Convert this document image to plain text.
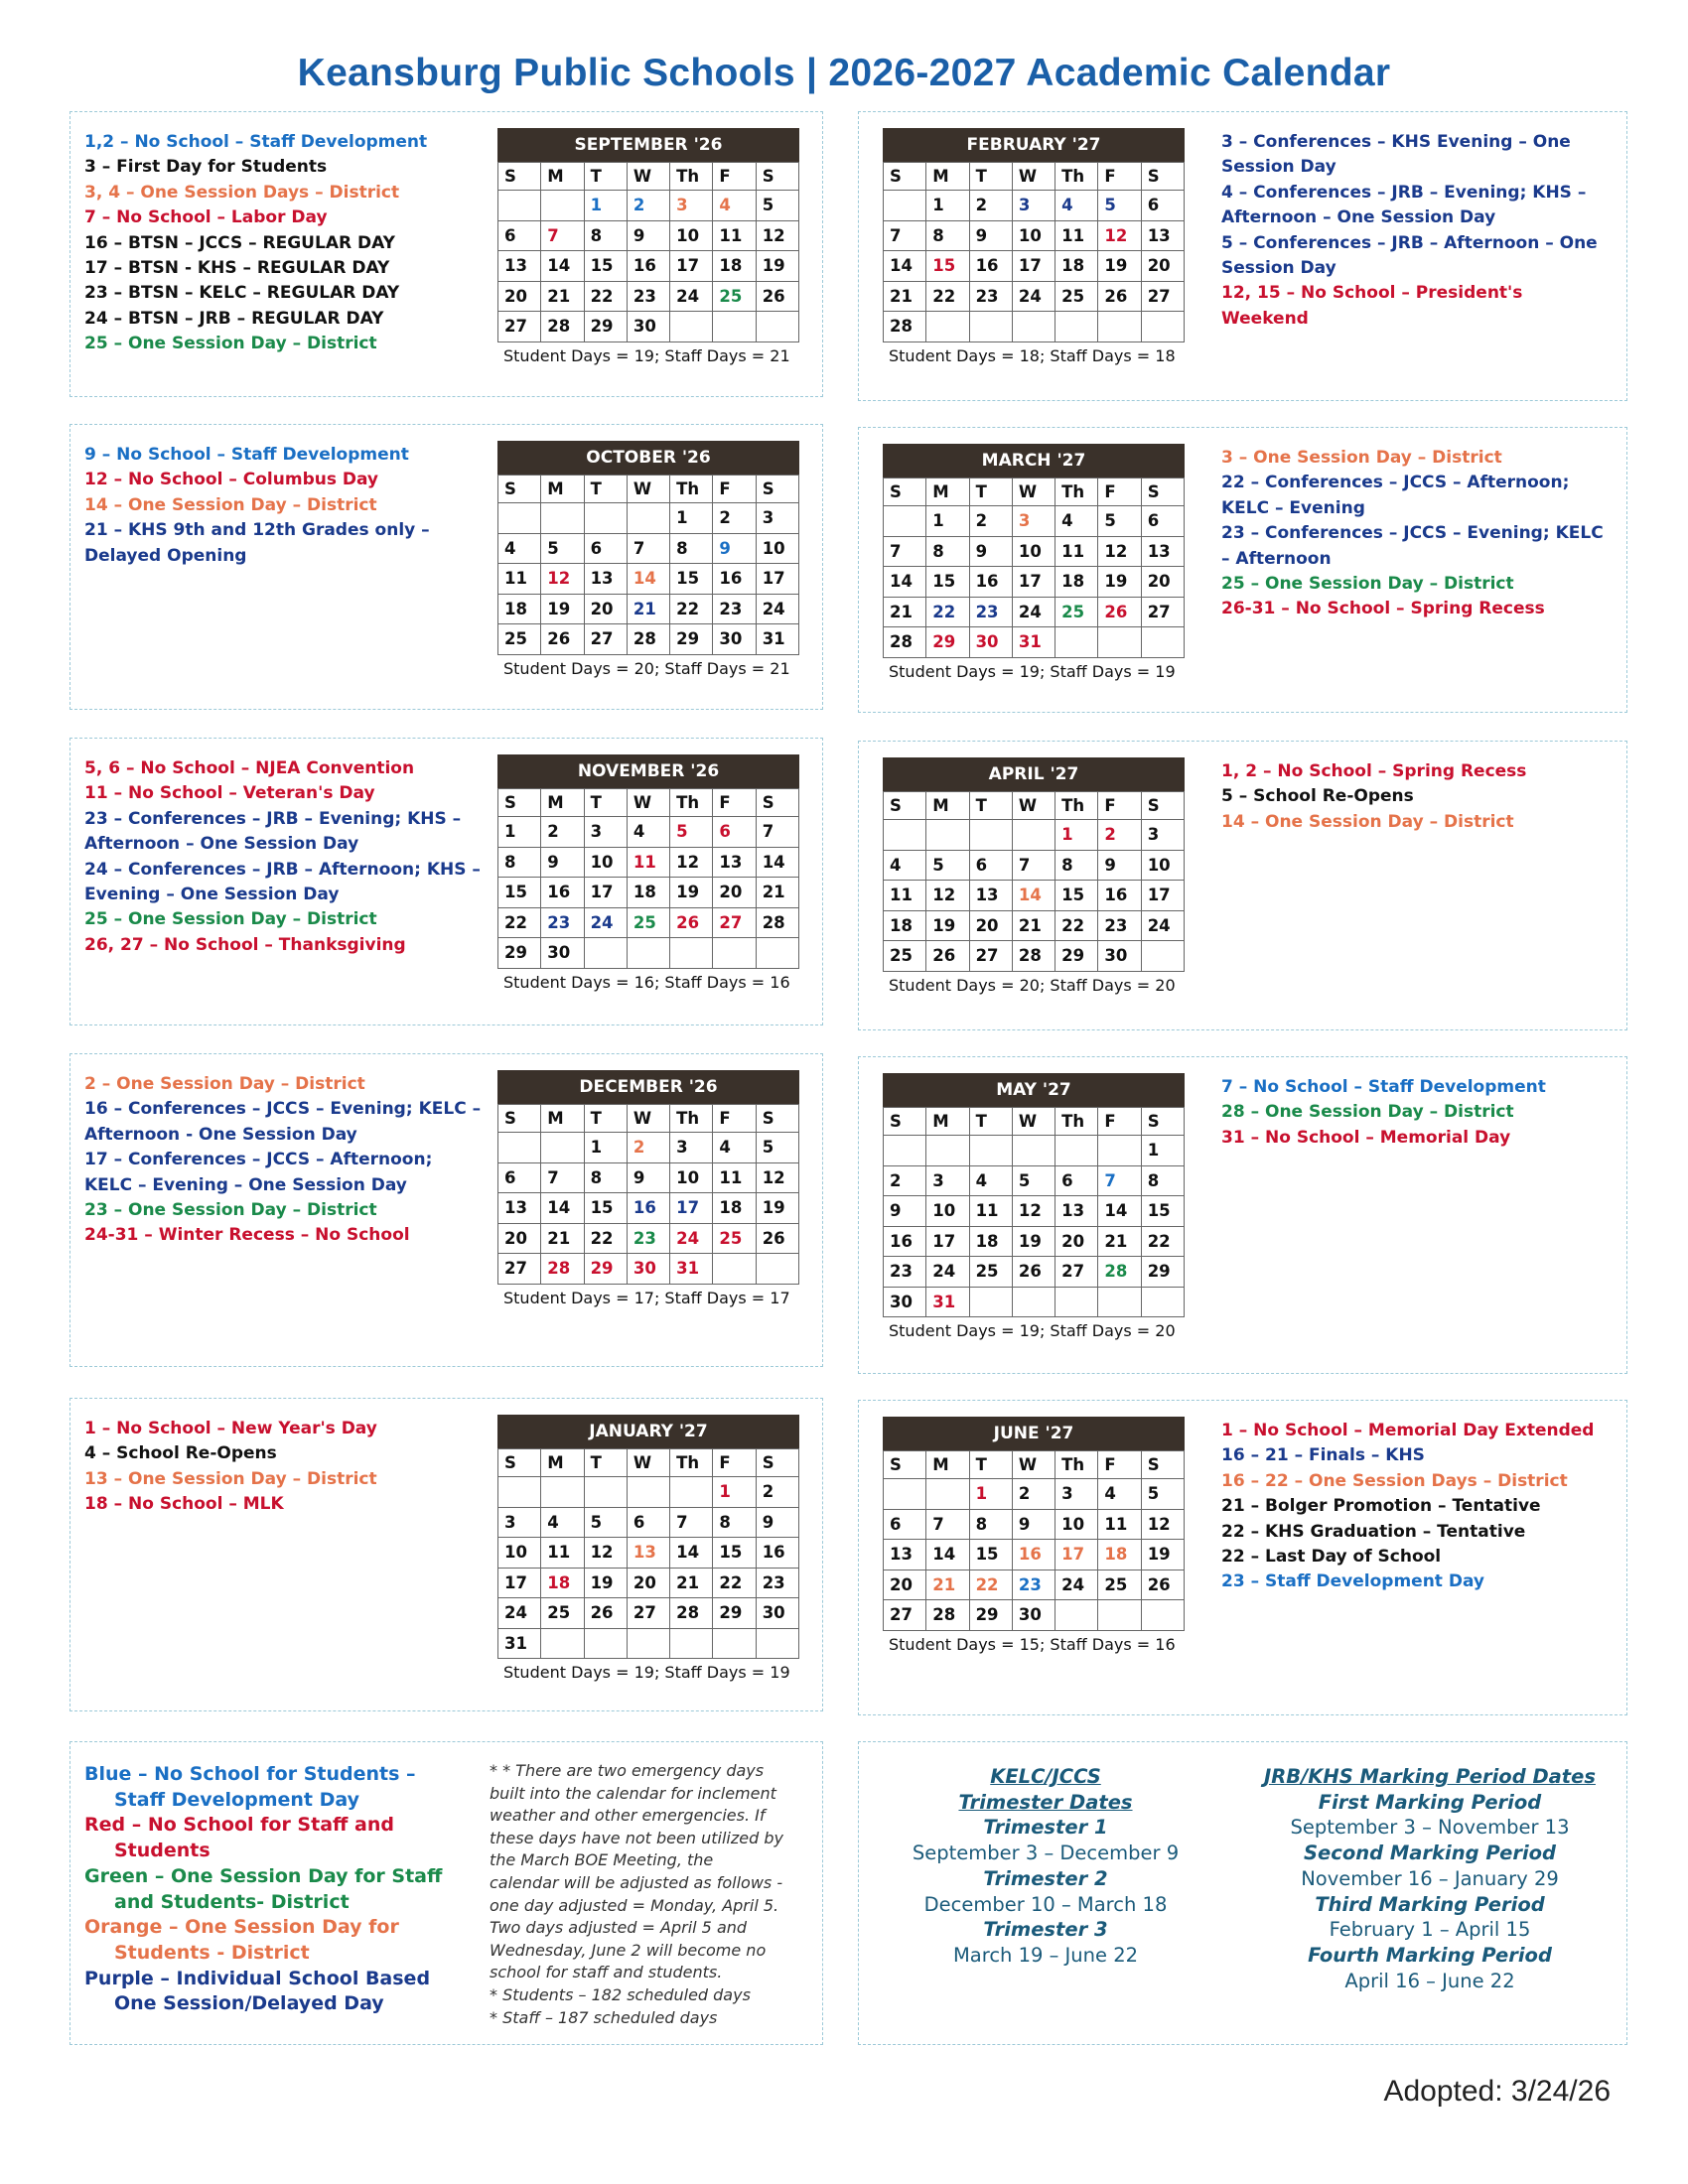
Keansburg Public Schools | 2026-2027 Academic Calendar
1,2 – No School – Staff Development
3 – First Day for Students
3, 4 – One Session Days – District
7 – No School – Labor Day
16 – BTSN – JCCS – REGULAR DAY
17 – BTSN - KHS – REGULAR DAY
23 – BTSN – KELC – REGULAR DAY
24 – BTSN – JRB – REGULAR DAY
25 – One Session Day – District
SEPTEMBER '26
S	M	T	W	Th	F	S
		1	2	3	4	5
6	7	8	9	10	11	12
13	14	15	16	17	18	19
20	21	22	23	24	25	26
27	28	29	30			
Student Days = 19; Staff Days = 21
3 – Conferences – KHS Evening – One Session Day
4 – Conferences – JRB – Evening; KHS – Afternoon – One Session Day
5 – Conferences – JRB – Afternoon – One Session Day
12, 15 – No School – President's Weekend
FEBRUARY '27
S	M	T	W	Th	F	S
	1	2	3	4	5	6
7	8	9	10	11	12	13
14	15	16	17	18	19	20
21	22	23	24	25	26	27
28						
Student Days = 18; Staff Days = 18
9 – No School – Staff Development
12 – No School – Columbus Day
14 – One Session Day – District
21 – KHS 9th and 12th Grades only – Delayed Opening
OCTOBER '26
S	M	T	W	Th	F	S
				1	2	3
4	5	6	7	8	9	10
11	12	13	14	15	16	17
18	19	20	21	22	23	24
25	26	27	28	29	30	31
Student Days = 20; Staff Days = 21
3 – One Session Day – District
22 – Conferences – JCCS – Afternoon; KELC – Evening
23 – Conferences – JCCS – Evening; KELC – Afternoon
25 – One Session Day – District
26-31 – No School – Spring Recess
MARCH '27
S	M	T	W	Th	F	S
	1	2	3	4	5	6
7	8	9	10	11	12	13
14	15	16	17	18	19	20
21	22	23	24	25	26	27
28	29	30	31			
Student Days = 19; Staff Days = 19
5, 6 – No School – NJEA Convention
11 – No School – Veteran's Day
23 – Conferences – JRB – Evening; KHS – Afternoon – One Session Day
24 – Conferences – JRB – Afternoon; KHS – Evening – One Session Day
25 – One Session Day – District
26, 27 – No School – Thanksgiving
NOVEMBER '26
S	M	T	W	Th	F	S
1	2	3	4	5	6	7
8	9	10	11	12	13	14
15	16	17	18	19	20	21
22	23	24	25	26	27	28
29	30					
Student Days = 16; Staff Days = 16
1, 2 – No School – Spring Recess
5 – School Re-Opens
14 – One Session Day – District
APRIL '27
S	M	T	W	Th	F	S
				1	2	3
4	5	6	7	8	9	10
11	12	13	14	15	16	17
18	19	20	21	22	23	24
25	26	27	28	29	30	
Student Days = 20; Staff Days = 20
2 – One Session Day – District
16 – Conferences – JCCS – Evening; KELC – Afternoon - One Session Day
17 – Conferences – JCCS – Afternoon; KELC – Evening – One Session Day
23 – One Session Day – District
24-31 – Winter Recess – No School
DECEMBER '26
S	M	T	W	Th	F	S
		1	2	3	4	5
6	7	8	9	10	11	12
13	14	15	16	17	18	19
20	21	22	23	24	25	26
27	28	29	30	31		
Student Days = 17; Staff Days = 17
7 – No School – Staff Development
28 – One Session Day – District
31 – No School – Memorial Day
MAY '27
S	M	T	W	Th	F	S
						1
2	3	4	5	6	7	8
9	10	11	12	13	14	15
16	17	18	19	20	21	22
23	24	25	26	27	28	29
30	31					
Student Days = 19; Staff Days = 20
1 – No School – New Year's Day
4 – School Re-Opens
13 – One Session Day – District
18 – No School – MLK
JANUARY '27
S	M	T	W	Th	F	S
					1	2
3	4	5	6	7	8	9
10	11	12	13	14	15	16
17	18	19	20	21	22	23
24	25	26	27	28	29	30
31						
Student Days = 19; Staff Days = 19
1 – No School – Memorial Day Extended
16 – 21 – Finals – KHS
16 – 22 – One Session Days – District
21 – Bolger Promotion – Tentative
22 – KHS Graduation – Tentative
22 – Last Day of School
23 – Staff Development Day
JUNE '27
S	M	T	W	Th	F	S
		1	2	3	4	5
6	7	8	9	10	11	12
13	14	15	16	17	18	19
20	21	22	23	24	25	26
27	28	29	30			
Student Days = 15; Staff Days = 16
Blue – No School for Students –
Staff Development Day
Red – No School for Staff and
Students
Green – One Session Day for Staff
and Students- District
Orange – One Session Day for
Students - District
Purple – Individual School Based
One Session/Delayed Day
* * There are two emergency days
built into the calendar for inclement
weather and other emergencies. If
these days have not been utilized by
the March BOE Meeting, the
calendar will be adjusted as follows -
one day adjusted = Monday, April 5.
Two days adjusted = April 5 and
Wednesday, June 2 will become no
school for staff and students.
* Students – 182 scheduled days
* Staff – 187 scheduled days
KELC/JCCS
Trimester Dates
Trimester 1
September 3 – December 9
Trimester 2
December 10 – March 18
Trimester 3
March 19 – June 22
JRB/KHS Marking Period Dates
First Marking Period
September 3 – November 13
Second Marking Period
November 16 – January 29
Third Marking Period
February 1 – April 15
Fourth Marking Period
April 16 – June 22
Adopted: 3/24/26
